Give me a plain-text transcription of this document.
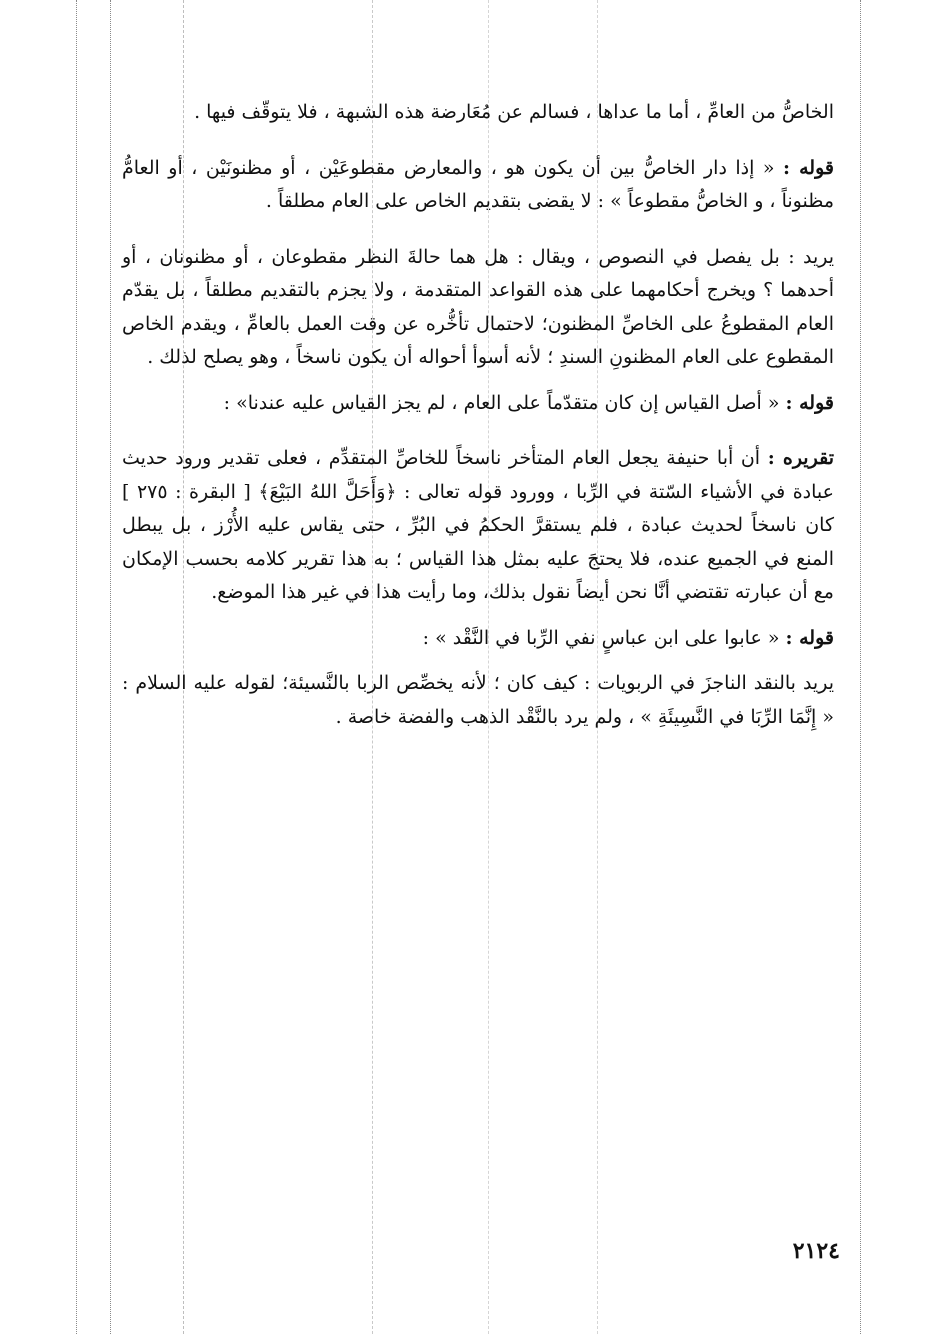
الخاصُّ من العامِّ ، أما ما عداها ، فسالم عن مُعَارضة هذه الشبهة ، فلا يتوقّف فيها .

قوله : « إذا دار الخاصُّ بين أن يكون هو ، والمعارض مقطوعَيْن ، أو مظنونَيْن ، أو العامُّ مظنوناً ، و الخاصُّ مقطوعاً » : لا يقضى بتقديم الخاص على العام مطلقاً .

يريد : بل يفصل في النصوص ، ويقال : هل هما حالةَ النظر مقطوعان ، أو مظنونان ، أو أحدهما ؟ ويخرج أحكامهما على هذه القواعد المتقدمة ، ولا يجزم بالتقديم مطلقاً ، بل يقدّم العام المقطوعُ على الخاصِّ المظنون؛ لاحتمال تأخُّره عن وقت العمل بالعامِّ ، ويقدم الخاص المقطوع على العام المظنونِ السندِ ؛ لأنه أسوأ أحواله أن يكون ناسخاً ، وهو يصلح لذلك .

قوله : « أصل القياس إن كان متقدّماً على العام ، لم يجز القياس عليه عندنا» :

تقريره : أن أبا حنيفة يجعل العام المتأخر ناسخاً للخاصِّ المتقدِّم ، فعلى تقدير ورود حديث عبادة في الأشياء السّتة في الرِّبا ، وورود قوله تعالى : ﴿وَأَحَلَّ اللهُ البَيْعَ﴾ [ البقرة : ٢٧٥ ] كان ناسخاً لحديث عبادة ، فلم يستقرَّ الحكمُ في البُرِّ ، حتى يقاس عليه الأُرْز ، بل يبطل المنع في الجميع عنده، فلا يحتجَ عليه بمثل هذا القياس ؛ به هذا تقرير كلامه بحسب الإمكان مع أن عبارته تقتضي أنَّا نحن أيضاً نقول بذلك، وما رأيت هذا في غير هذا الموضع.

قوله : « عابوا على ابن عباسٍ نفي الرِّبا في النَّقْد » :

يريد بالنقد الناجزَ في الربويات : كيف كان ؛ لأنه يخصِّص الربا بالنَّسيئة؛ لقوله عليه السلام : « إِنَّمَا الرِّبَا في النَّسِيئَةِ » ، ولم يرد بالنَّقْد الذهب والفضة خاصة .

٢١٢٤
